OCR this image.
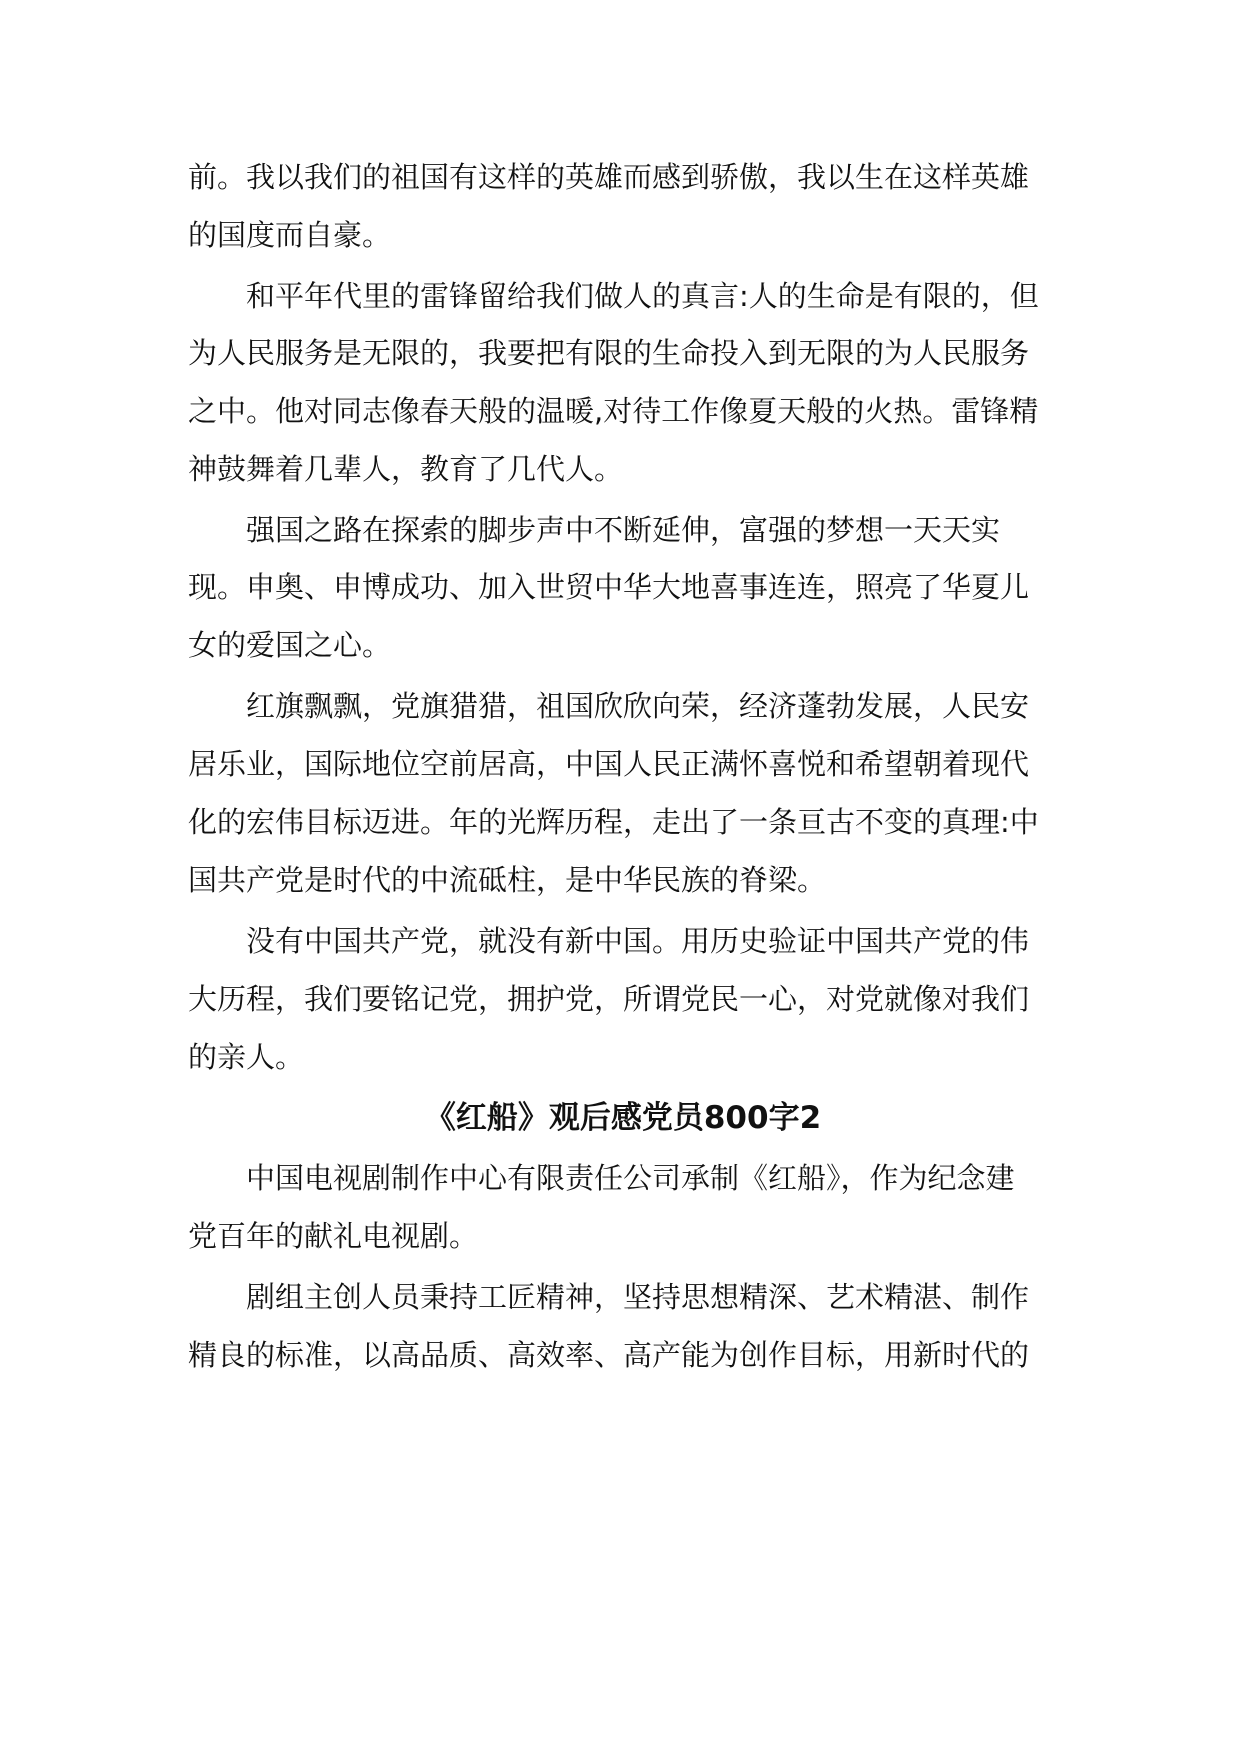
前。我以我们的祖国有这样的英雄而感到骄傲，我以生在这样英雄
的国度而自豪。
和平年代里的雷锋留给我们做人的真言:人的生命是有限的，但
为人民服务是无限的，我要把有限的生命投入到无限的为人民服务
之中。他对同志像春天般的温暖,对待工作像夏天般的火热。雷锋精
神鼓舞着几辈人，教育了几代人。
强国之路在探索的脚步声中不断延伸，富强的梦想一天天实
现。申奥、申博成功、加入世贸中华大地喜事连连，照亮了华夏儿
女的爱国之心。
红旗飘飘，党旗猎猎，祖国欣欣向荣，经济蓬勃发展，人民安
居乐业，国际地位空前居高，中国人民正满怀喜悦和希望朝着现代
化的宏伟目标迈进。年的光辉历程，走出了一条亘古不变的真理:中
国共产党是时代的中流砥柱，是中华民族的脊梁。
没有中国共产党，就没有新中国。用历史验证中国共产党的伟
大历程，我们要铭记党，拥护党，所谓党民一心，对党就像对我们
的亲人。
《红船》观后感党员800字2
中国电视剧制作中心有限责任公司承制《红船》，作为纪念建
党百年的献礼电视剧。
剧组主创人员秉持工匠精神，坚持思想精深、艺术精湛、制作
精良的标准，以高品质、高效率、高产能为创作目标，用新时代的
